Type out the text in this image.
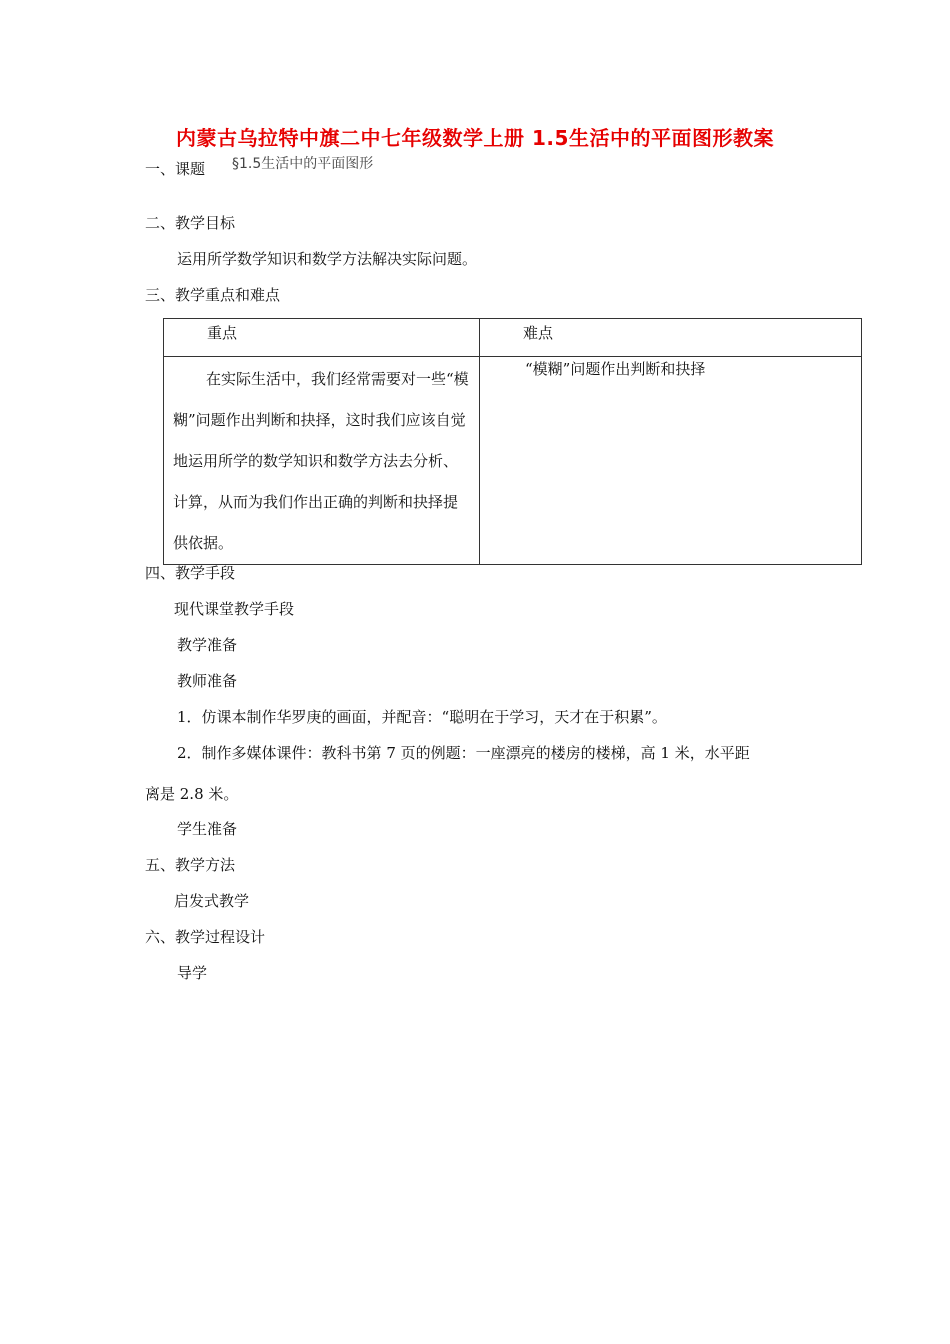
内蒙古乌拉特中旗二中七年级数学上册 1.5生活中的平面图形教案
一、课题 §1.5生活中的平面图形
二、教学目标
运用所学数学知识和数学方法解决实际问题。
三、教学重点和难点
重点	难点

在实际生活中，我们经常需要对一些“模糊”问题作出判断和抉择，这时我们应该自觉地运用所学的数学知识和数学方法去分析、计算，从而为我们作出正确的判断和抉择提供依据。	“模糊”问题作出判断和抉择
四、教学手段
现代课堂教学手段
教学准备
教师准备
1．仿课本制作华罗庚的画面，并配音：“聪明在于学习，天才在于积累”。
2．制作多媒体课件：教科书第 7 页的例题：一座漂亮的楼房的楼梯，高 1 米，水平距
离是 2.8 米。
学生准备
五、教学方法
启发式教学
六、教学过程设计
导学
